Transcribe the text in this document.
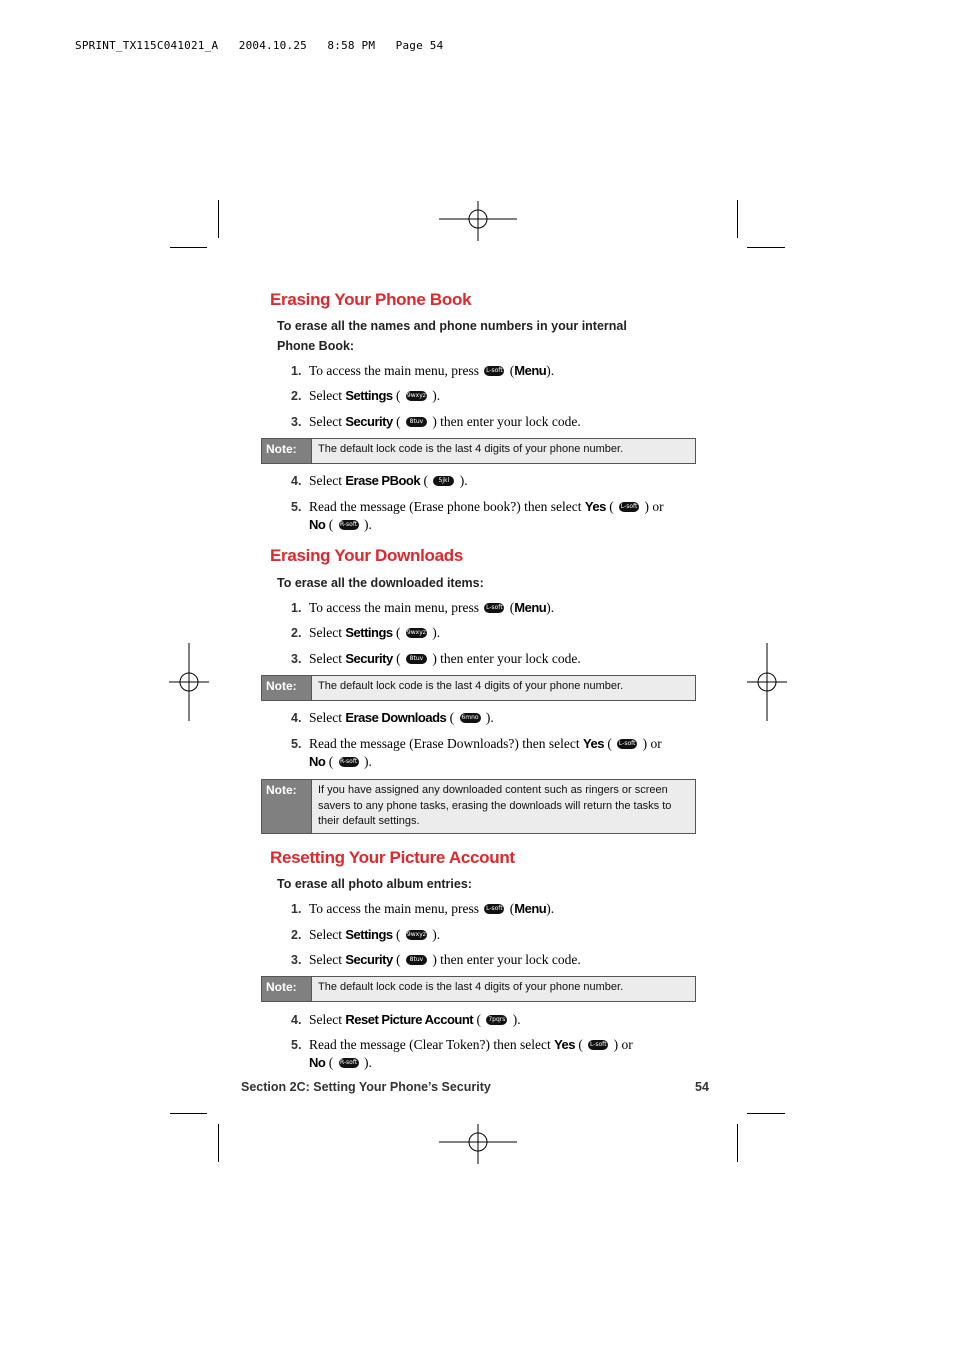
SPRINT_TX115C041021_A   2004.10.25   8:58 PM   Page 54
Erasing Your Phone Book
To erase all the names and phone numbers in your internal Phone Book:
1. To access the main menu, press L-soft (Menu).
2. Select Settings ( 9wxyz ).
3. Select Security ( 8tuv ) then enter your lock code.
Note:	The default lock code is the last 4 digits of your phone number.
4. Select Erase PBook ( 5jkl ).
5. Read the message (Erase phone book?) then select Yes ( L-soft ) or
No ( R-soft ).
Erasing Your Downloads
To erase all the downloaded items:
1. To access the main menu, press L-soft (Menu).
2. Select Settings ( 9wxyz ).
3. Select Security ( 8tuv ) then enter your lock code.
Note:	The default lock code is the last 4 digits of your phone number.
4. Select Erase Downloads ( 6mno ).
5. Read the message (Erase Downloads?) then select Yes ( L-soft ) or
No ( R-soft ).
Note:	If you have assigned any downloaded content such as ringers or screen savers to any phone tasks, erasing the downloads will return the tasks to their default settings.
Resetting Your Picture Account
To erase all photo album entries:
1. To access the main menu, press L-soft (Menu).
2. Select Settings ( 9wxyz ).
3. Select Security ( 8tuv ) then enter your lock code.
Note:	The default lock code is the last 4 digits of your phone number.
4. Select Reset Picture Account ( 7pqrs ).
5. Read the message (Clear Token?) then select Yes ( L-soft ) or
No ( R-soft ).
Section 2C: Setting Your Phone’s Security	54
